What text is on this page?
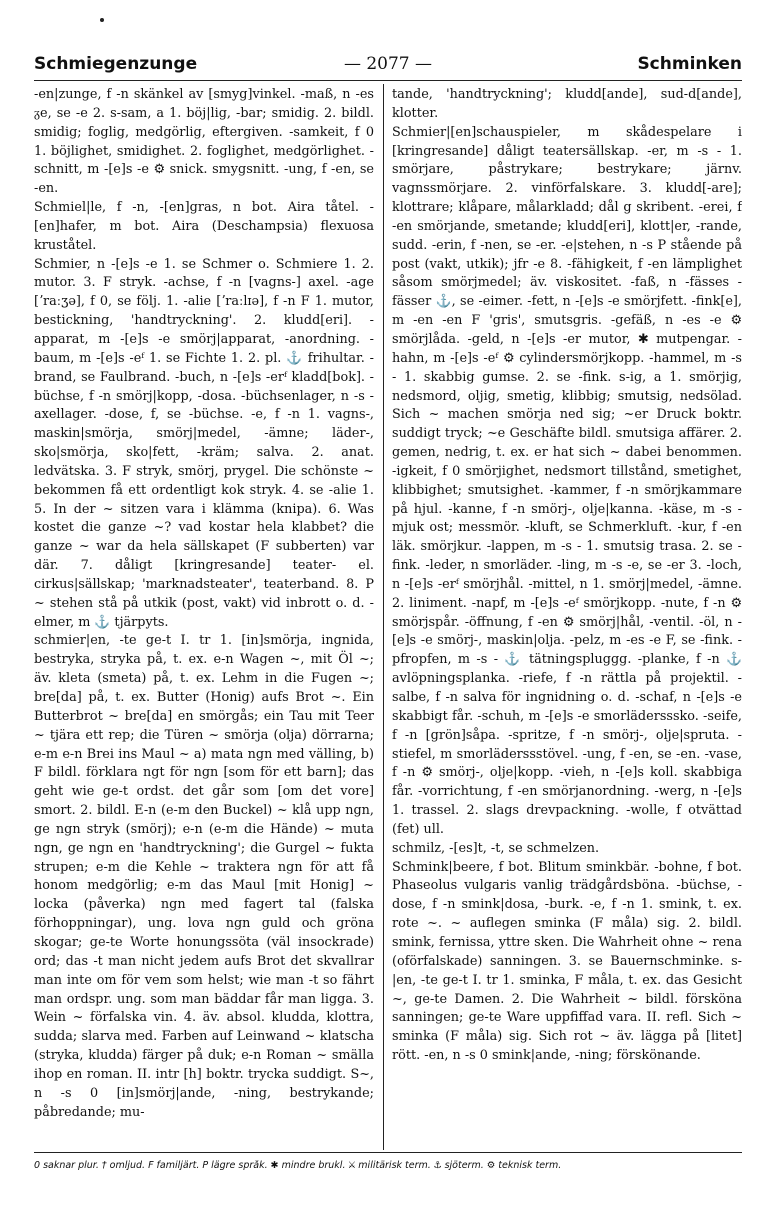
Schmiegenzunge	— 2077 —	Schminken

-en|zunge, f -n skänkel av [smyg]vinkel. -maß, n -es ᵹe, se -e 2. s-sam, a 1. böj|lig, -bar; smidig. 2. bildl. smidig; foglig, medgörlig, eftergiven. -samkeit, f 0 1. böjlighet, smidighet. 2. foglighet, medgörlighet. -schnitt, m -[e]s -e ⚙ snick. smygsnitt. -ung, f -en, se -en.

Schmiel|le, f -n, -[en]gras, n bot. Aira tåtel. -[en]hafer, m bot. Aira (Deschampsia) flexuosa kruståtel.

Schmier, n -[e]s -e 1. se Schmer o. Schmiere 1. 2. mutor. 3. F stryk. -achse, f -n [vagns-] axel. -age [ʼraːʒə], f 0, se följ. 1. -alie [ʼraːlɪə], f -n F 1. mutor, bestickning, 'handtryckning'. 2. kludd[eri]. -apparat, m -[e]s -e smörj|apparat, -anordning. -baum, m -[e]s -eᶠ 1. se Fichte 1. 2. pl. ⚓ frihultar. -brand, se Faulbrand. -buch, n -[e]s -erᶠ kladd[bok]. -büchse, f -n smörj|kopp, -dosa. -büchsenlager, n -s - axellager. -dose, f, se -büchse. -e, f -n 1. vagns-, maskin|smörja, smörj|medel, -ämne; läder-, sko|smörja, sko|fett, -kräm; salva. 2. anat. ledvätska. 3. F stryk, smörj, prygel. Die schönste ~ bekommen få ett ordentligt kok stryk. 4. se -alie 1. 5. In der ~ sitzen vara i klämma (knipa). 6. Was kostet die ganze ~? vad kostar hela klabbet? die ganze ~ war da hela sällskapet (F subberten) var där. 7. dåligt [kringresande] teater- el. cirkus|sällskap; 'marknadsteater', teaterband. 8. P ~ stehen stå på utkik (post, vakt) vid inbrott o. d. -elmer, m ⚓ tjärpyts.

schmier|en, -te ge-t I. tr 1. [in]smörja, ingnida, bestryka, stryka på, t. ex. e-n Wagen ~, mit Öl ~; äv. kleta (smeta) på, t. ex. Lehm in die Fugen ~; bre[da] på, t. ex. Butter (Honig) aufs Brot ~. Ein Butterbrot ~ bre[da] en smörgås; ein Tau mit Teer ~ tjära ett rep; die Türen ~ smörja (olja) dörrarna; e-m e-n Brei ins Maul ~ a) mata ngn med välling, b) F bildl. förklara ngt för ngn [som för ett barn]; das geht wie ge-t ordst. det går som [om det vore] smort. 2. bildl. E-n (e-m den Buckel) ~ klå upp ngn, ge ngn stryk (smörj); e-n (e-m die Hände) ~ muta ngn, ge ngn en 'handtryckning'; die Gurgel ~ fukta strupen; e-m die Kehle ~ traktera ngn för att få honom medgörlig; e-m das Maul [mit Honig] ~ locka (påverka) ngn med fagert tal (falska förhoppningar), ung. lova ngn guld och gröna skogar; ge-te Worte honungssöta (väl insockrade) ord; das -t man nicht jedem aufs Brot det skvallrar man inte om för vem som helst; wie man -t so fährt man ordspr. ung. som man bäddar får man ligga. 3. Wein ~ förfalska vin. 4. äv. absol. kludda, klottra, sudda; slarva med. Farben auf Leinwand ~ klatscha (stryka, kludda) färger på duk; e-n Roman ~ smälla ihop en roman. II. intr [h] boktr. trycka suddigt. S~, n -s 0 [in]smörj|ande, -ning, bestrykande; påbredande; mu-

tande, 'handtryckning'; kludd[ande], sud-d[ande], klotter.

Schmier|[en]schauspieler, m skådespelare i [kringresande] dåligt teatersällskap. -er, m -s - 1. smörjare, påstrykare; bestrykare; järnv. vagnssmörjare. 2. vinförfalskare. 3. kludd[-are]; klottrare; klåpare, målarkladd; dål g skribent. -erei, f -en smörjande, smetande; kludd[eri], klott|er, -rande, sudd. -erin, f -nen, se -er. -e|stehen, n -s P stående på post (vakt, utkik); jfr -e 8. -fähigkeit, f -en lämplighet såsom smörjmedel; äv. viskositet. -faß, n -fässes -fässer ⚓, se -eimer. -fett, n -[e]s -e smörjfett. -fink[e], m -en -en F 'gris', smutsgris. -gefäß, n -es -e ⚙ smörjlåda. -geld, n -[e]s -er mutor, ✱ mutpengar. -hahn, m -[e]s -eᶠ ⚙ cylindersmörjkopp. -hammel, m -s - 1. skabbig gumse. 2. se -fink. s-ig, a 1. smörjig, nedsmord, oljig, smetig, klibbig; smutsig, nedsölad. Sich ~ machen smörja ned sig; ~er Druck boktr. suddigt tryck; ~e Geschäfte bildl. smutsiga affärer. 2. gemen, nedrig, t. ex. er hat sich ~ dabei benommen. -igkeit, f 0 smörjighet, nedsmort tillstånd, smetighet, klibbighet; smutsighet. -kammer, f -n smörjkammare på hjul. -kanne, f -n smörj-, olje|kanna. -käse, m -s - mjuk ost; messmör. -kluft, se Schmerkluft. -kur, f -en läk. smörjkur. -lappen, m -s - 1. smutsig trasa. 2. se -fink. -leder, n smorläder. -ling, m -s -e, se -er 3. -loch, n -[e]s -erᶠ smörjhål. -mittel, n 1. smörj|medel, -ämne. 2. liniment. -napf, m -[e]s -eᶠ smörjkopp. -nute, f -n ⚙ smörjspår. -öffnung, f -en ⚙ smörj|hål, -ventil. -öl, n -[e]s -e smörj-, maskin|olja. -pelz, m -es -e F, se -fink. -pfropfen, m -s - ⚓ tätningspluggg. -planke, f -n ⚓ avlöpningsplanka. -riefe, f -n rättla på projektil. -salbe, f -n salva för ingnidning o. d. -schaf, n -[e]s -e skabbigt får. -schuh, m -[e]s -e smorlädersssko. -seife, f -n [grön]såpa. -spritze, f -n smörj-, olje|spruta. -stiefel, m smorläderssstövel. -ung, f -en, se -en. -vase, f -n ⚙ smörj-, olje|kopp. -vieh, n -[e]s koll. skabbiga får. -vorrichtung, f -en smörjanordning. -werg, n -[e]s 1. trassel. 2. slags drevpackning. -wolle, f otvättad (fet) ull.

schmilz, -[es]t, -t, se schmelzen.

Schmink|beere, f bot. Blitum sminkbär. -bohne, f bot. Phaseolus vulgaris vanlig trädgårdsböna. -büchse, -dose, f -n smink|dosa, -burk. -e, f -n 1. smink, t. ex. rote ~. ~ auflegen sminka (F måla) sig. 2. bildl. smink, fernissa, yttre sken. Die Wahrheit ohne ~ rena (oförfalskade) sanningen. 3. se Bauernschminke. s-|en, -te ge-t I. tr 1. sminka, F måla, t. ex. das Gesicht ~, ge-te Damen. 2. Die Wahrheit ~ bildl. försköna sanningen; ge-te Ware uppfiffad vara. II. refl. Sich ~ sminka (F måla) sig. Sich rot ~ äv. lägga på [litet] rött. -en, n -s 0 smink|ande, -ning; förskönande.

0 saknar plur. † omljud. F familjärt. P lägre språk. ✱ mindre brukl. ⚔ militärisk term. ⚓ sjöterm. ⚙ teknisk term.
